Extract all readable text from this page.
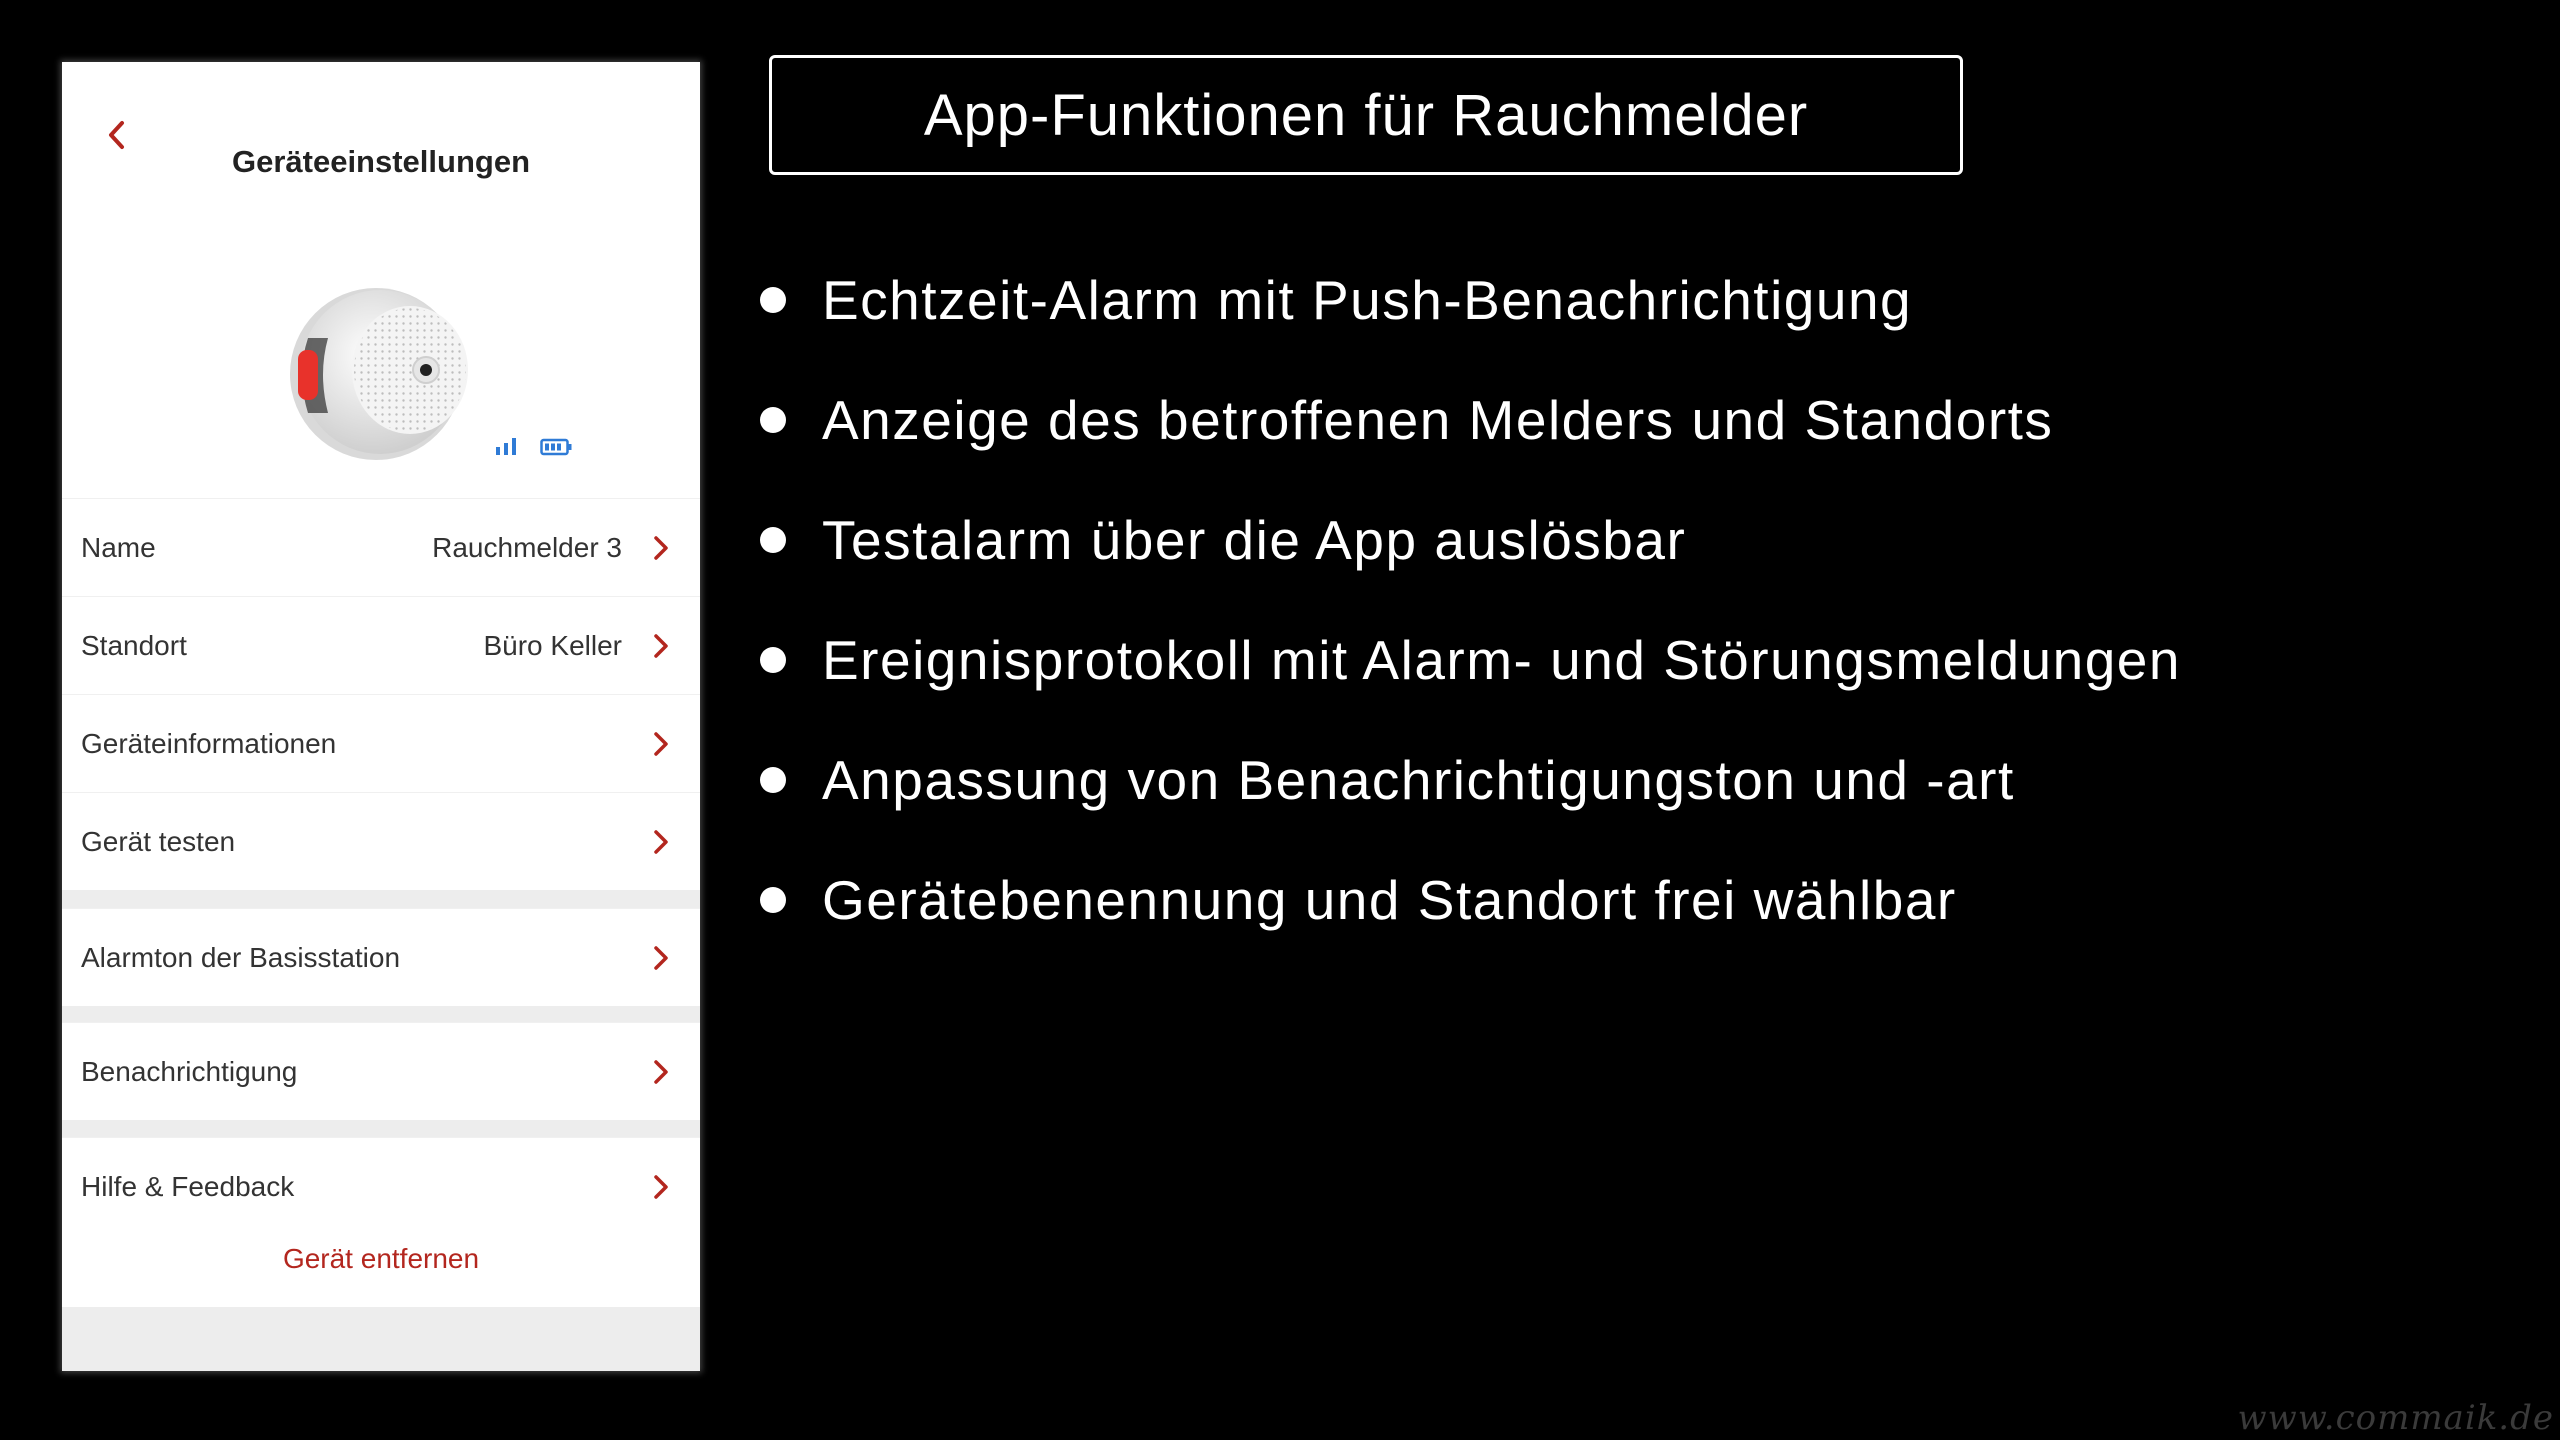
Geräteeinstellungen
Name	Rauchmelder 3
Standort	Büro Keller
Geräteinformationen
Gerät testen
Alarmton der Basisstation
Benachrichtigung
Hilfe & Feedback
Gerät entfernen
App-Funktionen für Rauchmelder
Echtzeit-Alarm mit Push-Benachrichtigung
Anzeige des betroffenen Melders und Standorts
Testalarm über die App auslösbar
Ereignisprotokoll mit Alarm- und Störungsmeldungen
Anpassung von Benachrichtigungston und -art
Gerätebenennung und Standort frei wählbar
www.commaik.de
